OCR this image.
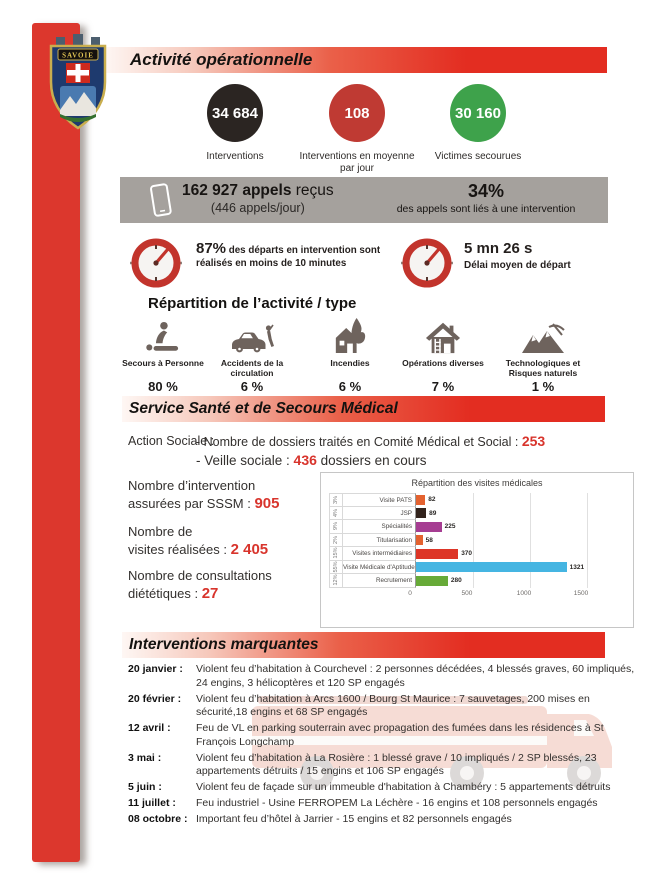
SAVOIE	Activité opérationnelle
34 684
Interventions
108
Interventions en moyenne par jour
30 160
Victimes secourues
162 927 appels reçus
(446 appels/jour)
34%
des appels sont liés à une intervention
87% des départs en intervention sont réalisés en moins de 10 minutes
5 mn 26 s
Délai moyen de départ
Répartition de l’activité / type
Secours à Personne
80 %
Accidents de la circulation
6 %
Incendies
6 %
Opérations diverses
7 %
Technologiques et Risques naturels
1 %
Service Santé et de Secours Médical
Action Sociale :
- Nombre de dossiers traités en Comité Médical et Social : 253
- Veille sociale : 436 dossiers en cours
Nombre d’intervention
assurées par SSSM : 905
Nombre de
visites réalisées : 2 405
Nombre de consultations
diététiques : 27
Répartition des visites médicales
3%	Visite PATS	82
4%	JSP	89
9%	Spécialités	225
2%	Titularisation	58
15%	Visites intermédiaires	370
55% Visite Médicale d'Aptitude	1321
12%	Recrutement	280
0	500	1000	1500
Interventions marquantes
20 janvier :	Violent feu d’habitation à Courchevel : 2 personnes décédées, 4 blessés graves, 60 impliqués, 24 engins, 3 hélicoptères et 120 SP engagés
20 février :	Violent feu d’habitation à Arcs 1600 / Bourg St Maurice : 7 sauvetages, 200 mises en sécurité,18 engins et 68 SP engagés
12 avril :	Feu de VL en parking souterrain avec propagation des fumées dans les résidences à St François Longchamp
3 mai :	Violent feu d’habitation à La Rosière : 1 blessé grave / 10 impliqués / 2 SP blessés, 23 appartements détruits / 15 engins et 106 SP engagés
5 juin :	Violent feu de façade sur un immeuble d'habitation à Chambéry : 5 appartements détruits
11 juillet :	Feu industriel - Usine FERROPEM La Léchère - 16 engins et 108 personnels engagés
08 octobre : Important feu d’hôtel à Jarrier - 15 engins et 82 personnels engagés
